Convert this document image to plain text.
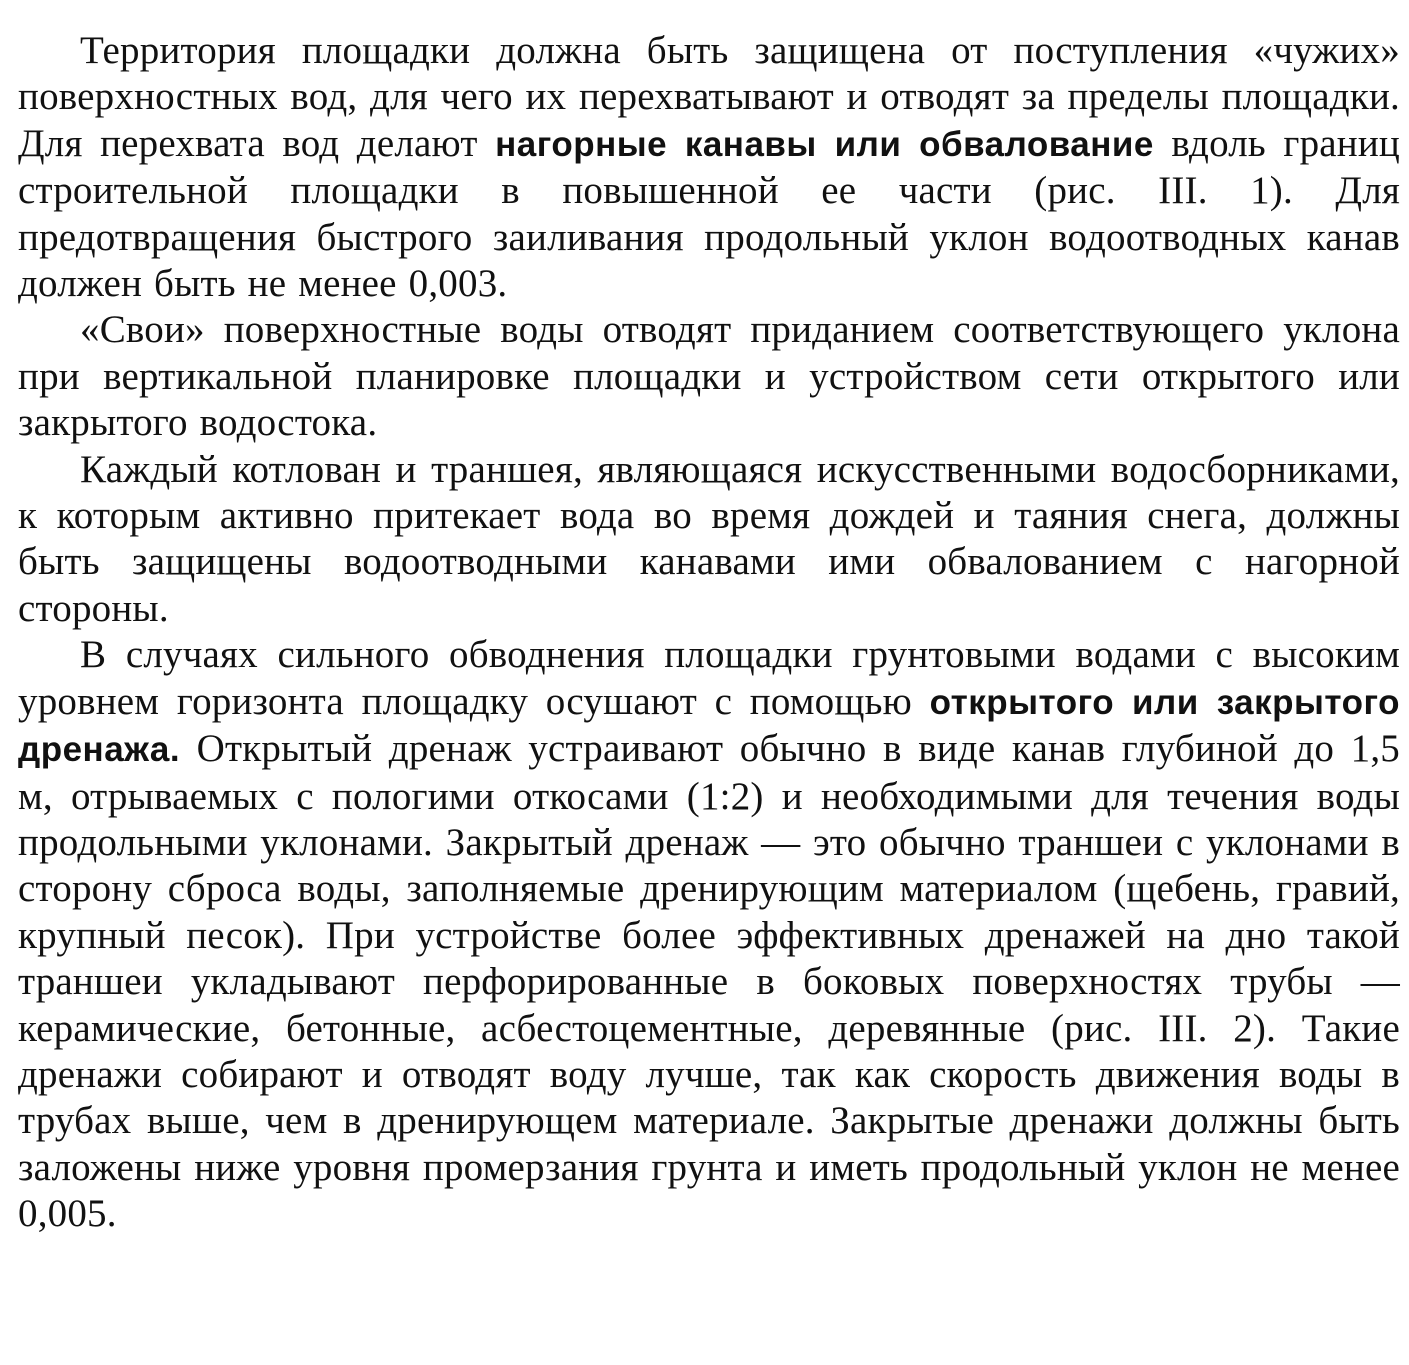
Территория площадки должна быть защищена от поступления «чужих» поверхностных вод, для чего их перехватывают и отводят за пределы площадки. Для перехвата вод делают нагорные канавы или обвалование вдоль границ строительной площадки в повышенной ее части (рис. III. 1). Для предотвращения быстрого заиливания продольный уклон водоотводных канав должен быть не менее 0,003.

«Свои» поверхностные воды отводят приданием соответствующего уклона при вертикальной планировке площадки и устройством сети открытого или закрытого водостока.

Каждый котлован и траншея, являющаяся искусственными водосборниками, к которым активно притекает вода во время дождей и таяния снега, должны быть защищены водоотводными канавами ими обвалованием с нагорной стороны.

В случаях сильного обводнения площадки грунтовыми водами с высоким уровнем горизонта площадку осушают с помощью открытого или закрытого дренажа. Открытый дренаж устраивают обычно в виде канав глубиной до 1,5 м, отрываемых с пологими откосами (1:2) и необходимыми для течения воды продольными уклонами. Закрытый дренаж — это обычно траншеи с уклонами в сторону сброса воды, заполняемые дренирующим материалом (щебень, гравий, крупный песок). При устройстве более эффективных дренажей на дно такой траншеи укладывают перфорированные в боковых поверхностях трубы — керамические, бетонные, асбестоцементные, деревянные (рис. III. 2). Такие дренажи собирают и отводят воду лучше, так как скорость движения воды в трубах выше, чем в дренирующем материале. Закрытые дренажи должны быть заложены ниже уровня промерзания грунта и иметь продольный уклон не менее 0,005.
